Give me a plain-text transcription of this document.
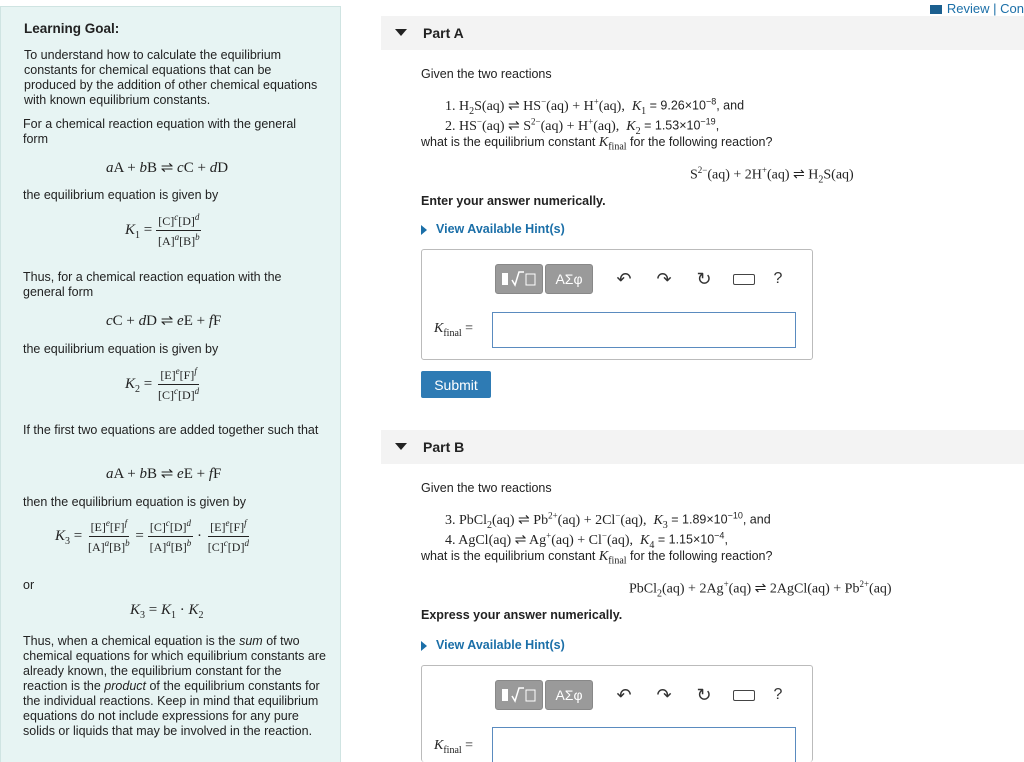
Learning Goal:

To understand how to calculate the equilibrium constants for chemical equations that can be produced by the addition of other chemical equations with known equilibrium constants.

For a chemical reaction equation with the general form

aA + bB ⇌ cC + dD

the equilibrium equation is given by

$K_1 = \frac{[C]^c[D]^d}{[A]^a[B]^b}$

Thus, for a chemical reaction equation with the general form

cC + dD ⇌ eE + fF

the equilibrium equation is given by

$K_2 = \frac{[E]^e[F]^f}{[C]^c[D]^d}$

If the first two equations are added together such that

aA + bB ⇌ eE + fF

then the equilibrium equation is given by

$K_3 = \frac{[E]^e[F]^f}{[A]^a[B]^b} = \frac{[C]^c[D]^d}{[A]^a[B]^b} \cdot \frac{[E]^e[F]^f}{[C]^c[D]^d}$

or

$K_3 = K_1 \cdot K_2$

Thus, when a chemical equation is the sum of two chemical equations for which equilibrium constants are already known, the equilibrium constant for the reaction is the product of the equilibrium constants for the individual reactions. Keep in mind that equilibrium equations do not include expressions for any pure solids or liquids that may be involved in the reaction.

Review | Con
Part A

Given the two reactions

1. $H_2S(aq)$ ⇌ HS−(aq) + H+(aq),  $K_1 = 9.26\times 10^{-8}$, and
2. HS−(aq) ⇌ $S^{2-}(aq) + H^+(aq)$,  $K_2 = 1.53\times 10^{-19}$,

what is the equilibrium constant $K_{final}$ for the following reaction?

$S^{2-}(aq) + 2H^+(aq)$ ⇌ $H_2S(aq)$

Enter your answer numerically.

View Available Hint(s)
ΑΣφ	↶ ↷ ↻	?
$K_{final}$ =
Submit
Part B

Given the two reactions

3. PbCl$_2$(aq) ⇌ $Pb^{2+}(aq) + 2Cl^-(aq)$,  $K_3 = 1.89\times 10^{-10}$, and
4. AgCl(aq) ⇌ Ag+(aq) + Cl−(aq),  $K_4 = 1.15\times 10^{-4}$,

what is the equilibrium constant $K_{final}$ for the following reaction?

PbCl$_2$(aq) + 2Ag+(aq) ⇌ 2AgCl(aq) + $Pb^{2+}(aq)$

Express your answer numerically.

View Available Hint(s)
ΑΣφ	↶ ↷ ↻	?
$K_{final}$ =
